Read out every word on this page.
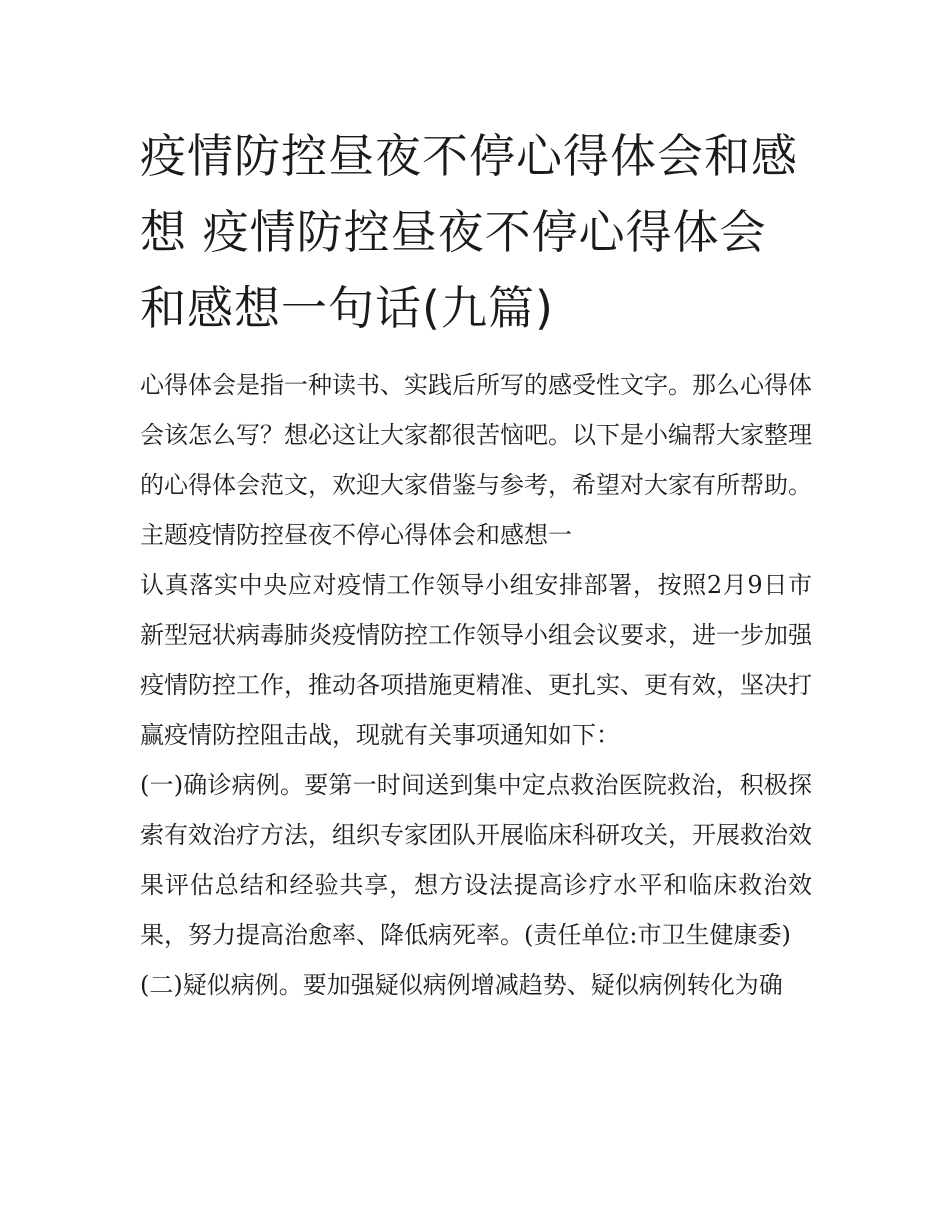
疫情防控昼夜不停心得体会和感想 疫情防控昼夜不停心得体会和感想一句话(九篇)

心得体会是指一种读书、实践后所写的感受性文字。那么心得体会该怎么写？想必这让大家都很苦恼吧。以下是小编帮大家整理的心得体会范文，欢迎大家借鉴与参考，希望对大家有所帮助。

主题疫情防控昼夜不停心得体会和感想一

认真落实中央应对疫情工作领导小组安排部署，按照2月9日市新型冠状病毒肺炎疫情防控工作领导小组会议要求，进一步加强疫情防控工作，推动各项措施更精准、更扎实、更有效，坚决打赢疫情防控阻击战，现就有关事项通知如下：

(一)确诊病例。要第一时间送到集中定点救治医院救治，积极探索有效治疗方法，组织专家团队开展临床科研攻关，开展救治效果评估总结和经验共享，想方设法提高诊疗水平和临床救治效果，努力提高治愈率、降低病死率。(责任单位:市卫生健康委)

(二)疑似病例。要加强疑似病例增减趋势、疑似病例转化为确
